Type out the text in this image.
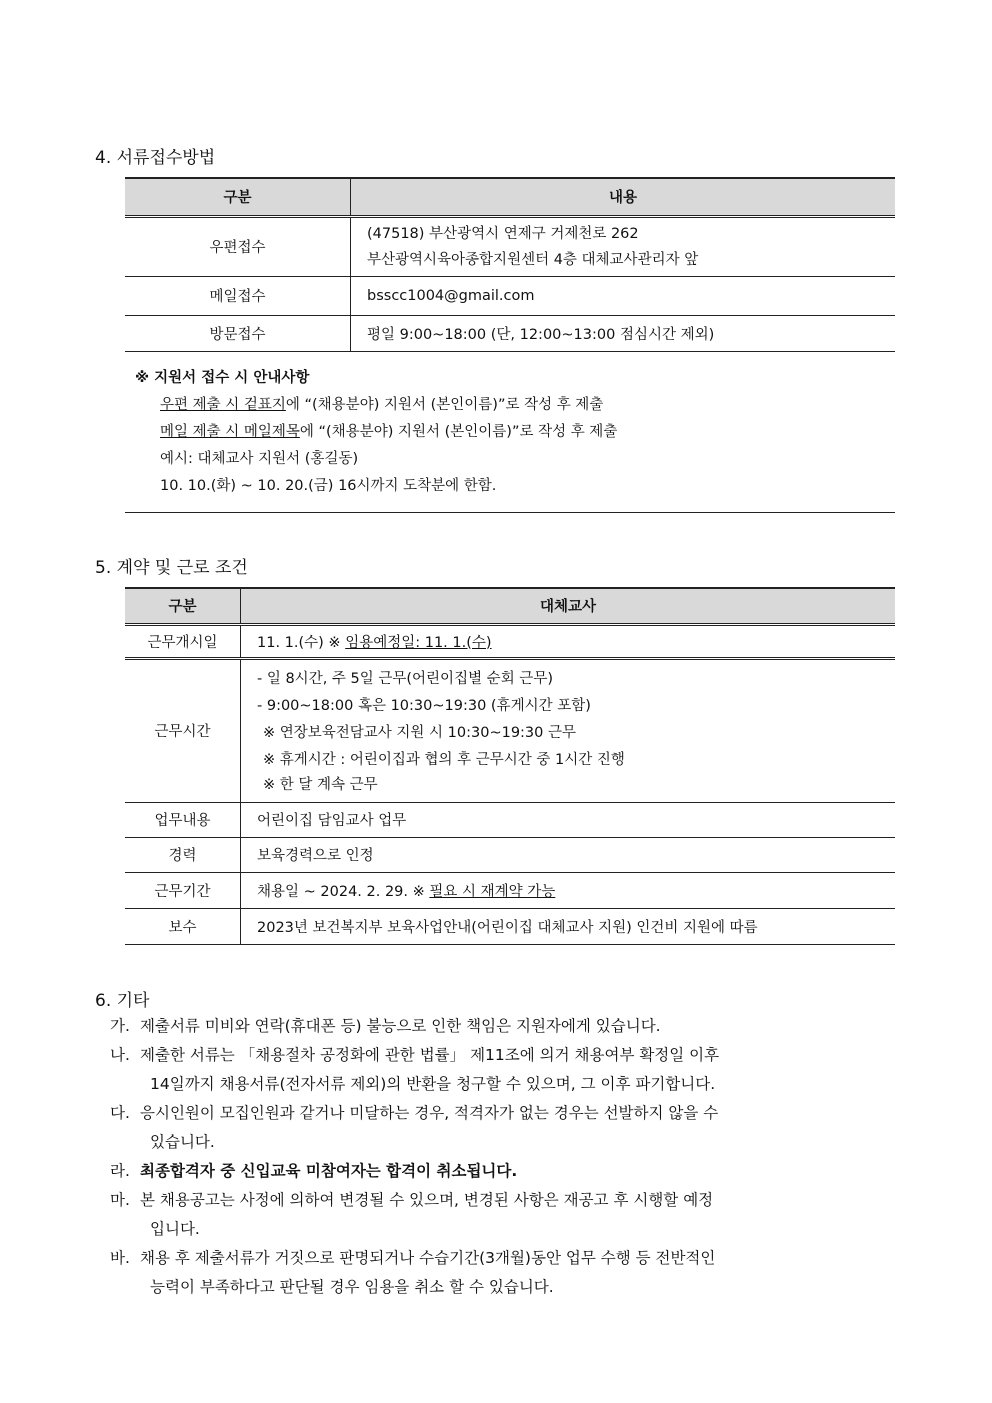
4. 서류접수방법
구분	내용
우편접수	(47518) 부산광역시 연제구 거제천로 262
부산광역시육아종합지원센터 4층 대체교사관리자 앞

메일접수	bsscc1004@gmail.com
방문접수	평일 9:00~18:00 (단, 12:00~13:00 점심시간 제외)
※ 지원서 접수 시 안내사항
우편 제출 시 겉표지에 “(채용분야) 지원서 (본인이름)”로 작성 후 제출
메일 제출 시 메일제목에 “(채용분야) 지원서 (본인이름)”로 작성 후 제출
예시: 대체교사 지원서 (홍길동)
10. 10.(화) ~ 10. 20.(금) 16시까지 도착분에 한함.
5. 계약 및 근로 조건
구분	대체교사
근무개시일	11. 1.(수) ※ 임용예정일: 11. 1.(수)
근무시간	- 일 8시간, 주 5일 근무(어린이집별 순회 근무)
- 9:00~18:00 혹은 10:30~19:30 (휴게시간 포함)
※ 연장보육전담교사 지원 시 10:30~19:30 근무
※ 휴게시간 : 어린이집과 협의 후 근무시간 중 1시간 진행
※ 한 달 계속 근무

업무내용	어린이집 담임교사 업무
경력	보육경력으로 인정
근무기간	채용일 ~ 2024. 2. 29. ※ 필요 시 재계약 가능
보수	2023년 보건복지부 보육사업안내(어린이집 대체교사 지원) 인건비 지원에 따름
6. 기타
가. 제출서류 미비와 연락(휴대폰 등) 불능으로 인한 책임은 지원자에게 있습니다.
나. 제출한 서류는 「채용절차 공정화에 관한 법률」 제11조에 의거 채용여부 확정일 이후
14일까지 채용서류(전자서류 제외)의 반환을 청구할 수 있으며, 그 이후 파기합니다.
다. 응시인원이 모집인원과 같거나 미달하는 경우, 적격자가 없는 경우는 선발하지 않을 수
있습니다.
라. 최종합격자 중 신입교육 미참여자는 합격이 취소됩니다.
마. 본 채용공고는 사정에 의하여 변경될 수 있으며, 변경된 사항은 재공고 후 시행할 예정
입니다.
바. 채용 후 제출서류가 거짓으로 판명되거나 수습기간(3개월)동안 업무 수행 등 전반적인
능력이 부족하다고 판단될 경우 임용을 취소 할 수 있습니다.
